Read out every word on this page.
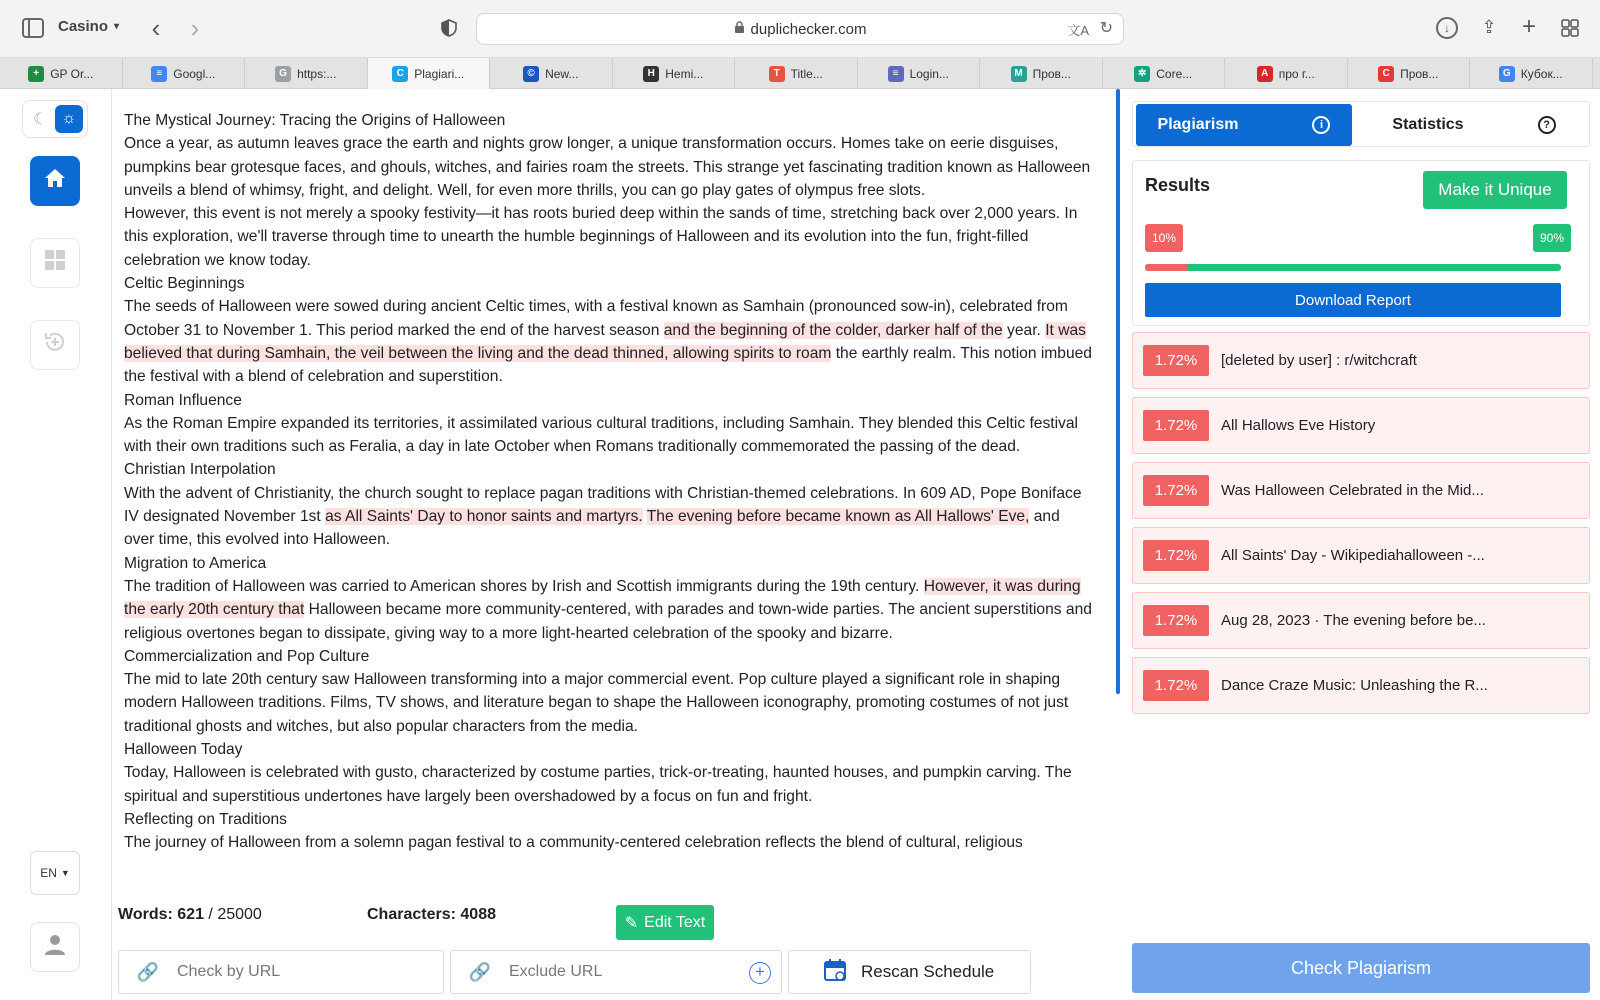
Casino ▾ ‹ ›	duplichecker.com	文A ↻	↓	⇪ +
+ GP Or...	≡ Googl...	G https:...	C Plagiari...	© New...	H Hemi...	T Title...	≡ Login...	M Пров...	✲ Core...	A про г...	C Пров...	G Кубок...
☾ ☼
EN ▼

The Mystical Journey: Tracing the Origins of Halloween

Once a year, as autumn leaves grace the earth and nights grow longer, a unique transformation occurs. Homes take on eerie disguises, pumpkins bear grotesque faces, and ghouls, witches, and fairies roam the streets. This strange yet fascinating tradition known as Halloween unveils a blend of whimsy, fright, and delight. Well, for even more thrills, you can go play gates of olympus free slots.

However, this event is not merely a spooky festivity—it has roots buried deep within the sands of time, stretching back over 2,000 years. In this exploration, we'll traverse through time to unearth the humble beginnings of Halloween and its evolution into the fun, fright-filled celebration we know today.

Celtic Beginnings

The seeds of Halloween were sowed during ancient Celtic times, with a festival known as Samhain (pronounced sow-in), celebrated from October 31 to November 1. This period marked the end of the harvest season and the beginning of the colder, darker half of the year. It was believed that during Samhain, the veil between the living and the dead thinned, allowing spirits to roam the earthly realm. This notion imbued the festival with a blend of celebration and superstition.

Roman Influence

As the Roman Empire expanded its territories, it assimilated various cultural traditions, including Samhain. They blended this Celtic festival with their own traditions such as Feralia, a day in late October when Romans traditionally commemorated the passing of the dead.

Christian Interpolation

With the advent of Christianity, the church sought to replace pagan traditions with Christian-themed celebrations. In 609 AD, Pope Boniface IV designated November 1st as All Saints' Day to honor saints and martyrs. The evening before became known as All Hallows' Eve, and over time, this evolved into Halloween.

Migration to America

The tradition of Halloween was carried to American shores by Irish and Scottish immigrants during the 19th century. However, it was during the early 20th century that Halloween became more community-centered, with parades and town-wide parties. The ancient superstitions and religious overtones began to dissipate, giving way to a more light-hearted celebration of the spooky and bizarre.

Commercialization and Pop Culture

The mid to late 20th century saw Halloween transforming into a major commercial event. Pop culture played a significant role in shaping modern Halloween traditions. Films, TV shows, and literature began to shape the Halloween iconography, promoting costumes of not just traditional ghosts and witches, but also popular characters from the media.

Halloween Today

Today, Halloween is celebrated with gusto, characterized by costume parties, trick-or-treating, haunted houses, and pumpkin carving. The spiritual and superstitious undertones have largely been overshadowed by a focus on fun and fright.

Reflecting on Traditions

The journey of Halloween from a solemn pagan festival to a community-centered celebration reflects the blend of cultural, religious

Words: 621 / 25000	Characters: 4088	✎ Edit Text
🔗	Check by URL	🔗	Exclude URL	+	Rescan Schedule
Plagiarism	i	Statistics	?
Results	Make it Unique
10%	90%
Download Report
1.72%	[deleted by user] : r/witchcraft
1.72%	All Hallows Eve History
1.72%	Was Halloween Celebrated in the Mid...
1.72%	All Saints' Day - Wikipediahalloween -...
1.72%	Aug 28, 2023 · The evening before be...
1.72%	Dance Craze Music: Unleashing the R...
Check Plagiarism
